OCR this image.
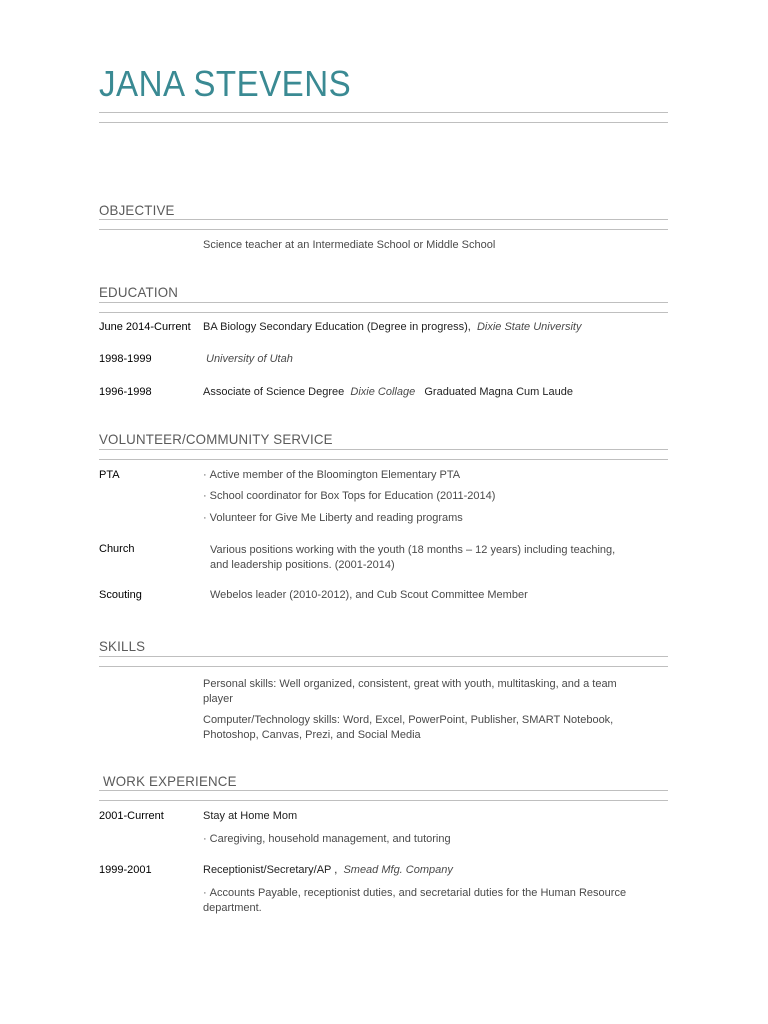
JANA STEVENS
OBJECTIVE
Science teacher at an Intermediate School or Middle School
EDUCATION
June 2014-Current BA Biology Secondary Education (Degree in progress), Dixie State University
1998-1999	University of Utah
1996-1998	Associate of Science Degree Dixie Collage Graduated Magna Cum Laude
VOLUNTEER/COMMUNITY SERVICE
PTA	· Active member of the Bloomington Elementary PTA
· School coordinator for Box Tops for Education (2011-2014)
· Volunteer for Give Me Liberty and reading programs
Church	Various positions working with the youth (18 months – 12 years) including teaching, and leadership positions. (2001-2014)
Scouting	Webelos leader (2010-2012), and Cub Scout Committee Member
SKILLS
Personal skills: Well organized, consistent, great with youth, multitasking, and a team player
Computer/Technology skills: Word, Excel, PowerPoint, Publisher, SMART Notebook, Photoshop, Canvas, Prezi, and Social Media
WORK EXPERIENCE
2001-Current	Stay at Home Mom
· Caregiving, household management, and tutoring
1999-2001	Receptionist/Secretary/AP , Smead Mfg. Company
· Accounts Payable, receptionist duties, and secretarial duties for the Human Resource department.
